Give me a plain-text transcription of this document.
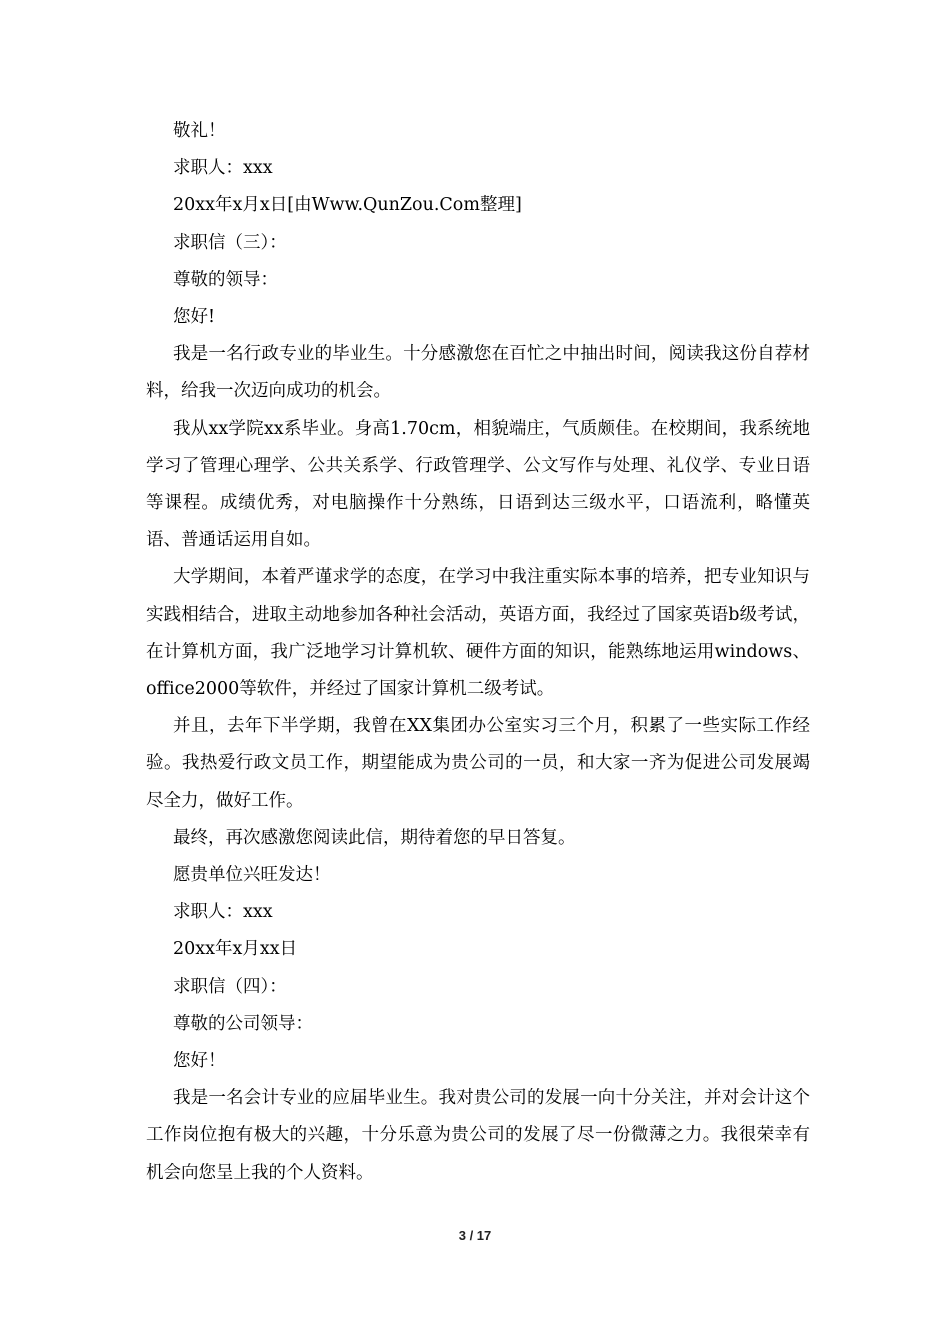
敬礼！

求职人：xxx

20xx年x月x日[由Www.QunZou.Com整理]

求职信（三）：

尊敬的领导：

您好!

我是一名行政专业的毕业生。十分感激您在百忙之中抽出时间，阅读我这份自荐材料，给我一次迈向成功的机会。

我从xx学院xx系毕业。身高1.70cm，相貌端庄，气质颇佳。在校期间，我系统地学习了管理心理学、公共关系学、行政管理学、公文写作与处理、礼仪学、专业日语等课程。成绩优秀，对电脑操作十分熟练，日语到达三级水平，口语流利，略懂英语、普通话运用自如。

大学期间，本着严谨求学的态度，在学习中我注重实际本事的培养，把专业知识与实践相结合，进取主动地参加各种社会活动，英语方面，我经过了国家英语b级考试，在计算机方面，我广泛地学习计算机软、硬件方面的知识，能熟练地运用windows、office2000等软件，并经过了国家计算机二级考试。

并且，去年下半学期，我曾在XX集团办公室实习三个月，积累了一些实际工作经验。我热爱行政文员工作，期望能成为贵公司的一员，和大家一齐为促进公司发展竭尽全力，做好工作。

最终，再次感激您阅读此信，期待着您的早日答复。

愿贵单位兴旺发达！

求职人：xxx

20xx年x月xx日

求职信（四）：

尊敬的公司领导：

您好！

我是一名会计专业的应届毕业生。我对贵公司的发展一向十分关注，并对会计这个工作岗位抱有极大的兴趣，十分乐意为贵公司的发展了尽一份微薄之力。我很荣幸有机会向您呈上我的个人资料。

3 / 17
